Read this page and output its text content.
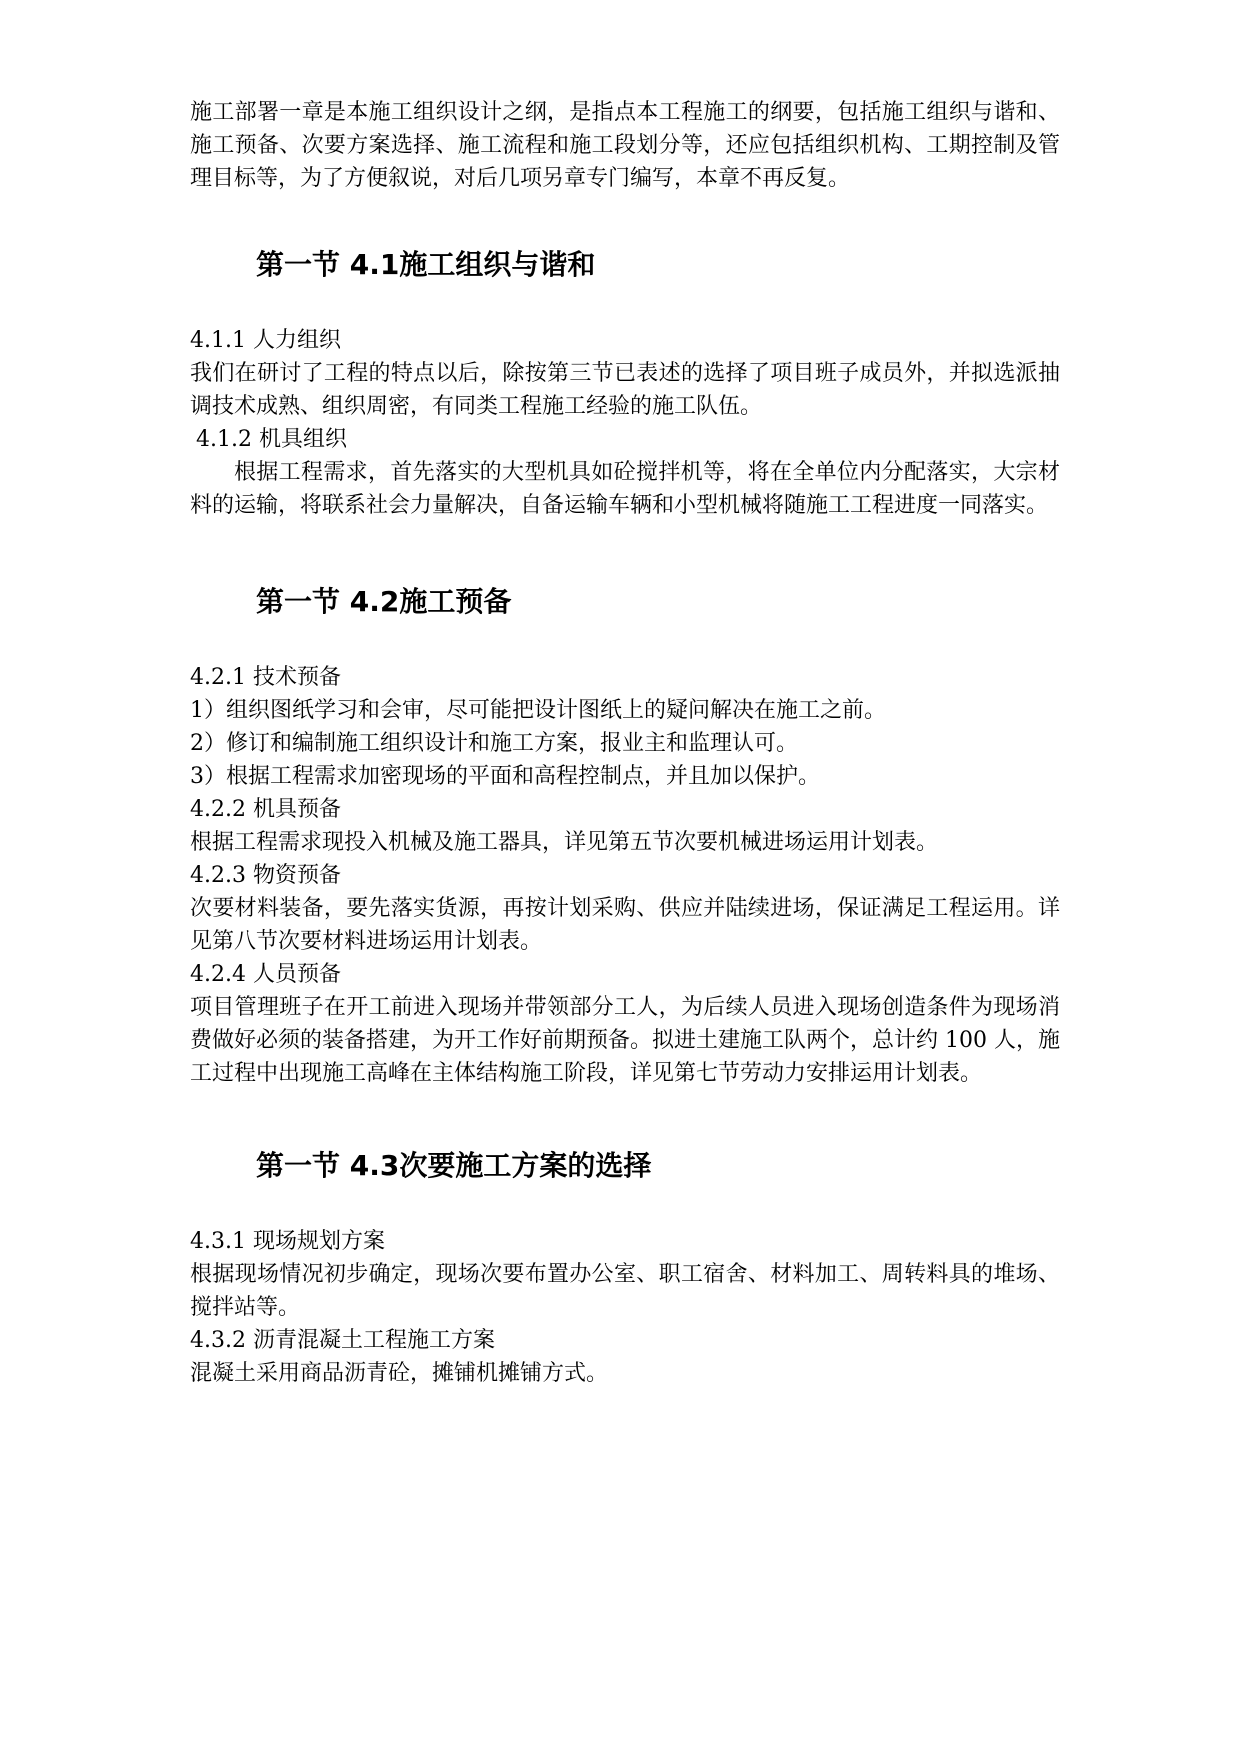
施工部署一章是本施工组织设计之纲，是指点本工程施工的纲要，包括施工组织与谐和、施工预备、次要方案选择、施工流程和施工段划分等，还应包括组织机构、工期控制及管理目标等，为了方便叙说，对后几项另章专门编写，本章不再反复。

第一节 4.1施工组织与谐和

4.1.1 人力组织

我们在研讨了工程的特点以后，除按第三节已表述的选择了项目班子成员外，并拟选派抽调技术成熟、组织周密，有同类工程施工经验的施工队伍。

4.1.2 机具组织

根据工程需求，首先落实的大型机具如砼搅拌机等，将在全单位内分配落实，大宗材料的运输，将联系社会力量解决，自备运输车辆和小型机械将随施工工程进度一同落实。

第一节 4.2施工预备

4.2.1 技术预备

1）组织图纸学习和会审，尽可能把设计图纸上的疑问解决在施工之前。

2）修订和编制施工组织设计和施工方案，报业主和监理认可。

3）根据工程需求加密现场的平面和高程控制点，并且加以保护。

4.2.2 机具预备

根据工程需求现投入机械及施工器具，详见第五节次要机械进场运用计划表。

4.2.3 物资预备

次要材料装备，要先落实货源，再按计划采购、供应并陆续进场，保证满足工程运用。详见第八节次要材料进场运用计划表。

4.2.4 人员预备

项目管理班子在开工前进入现场并带领部分工人，为后续人员进入现场创造条件为现场消费做好必须的装备搭建，为开工作好前期预备。拟进土建施工队两个，总计约 100 人，施工过程中出现施工高峰在主体结构施工阶段，详见第七节劳动力安排运用计划表。

第一节 4.3次要施工方案的选择

4.3.1 现场规划方案

根据现场情况初步确定，现场次要布置办公室、职工宿舍、材料加工、周转料具的堆场、搅拌站等。

4.3.2 沥青混凝土工程施工方案

混凝土采用商品沥青砼，摊铺机摊铺方式。
